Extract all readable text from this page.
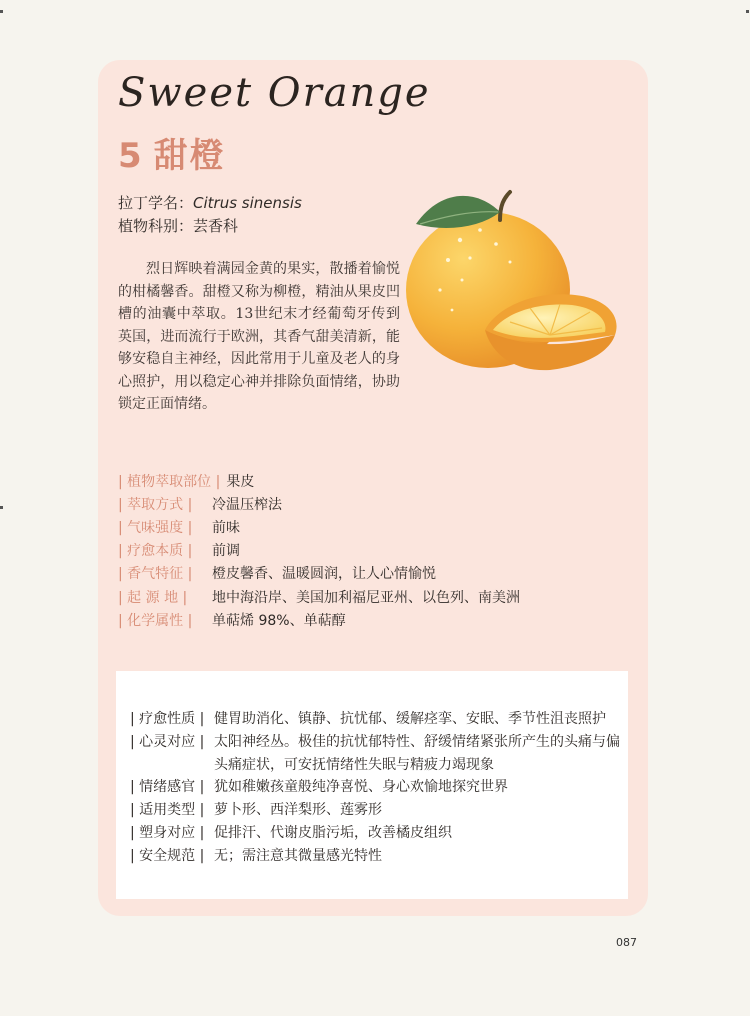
Sweet Orange
5 甜橙
拉丁学名：Citrus sinensis
植物科别：芸香科

烈日辉映着满园金黄的果实，散播着愉悦的柑橘馨香。甜橙又称为柳橙，精油从果皮凹槽的油囊中萃取。13世纪末才经葡萄牙传到英国，进而流行于欧洲，其香气甜美清新，能够安稳自主神经，因此常用于儿童及老人的身心照护，用以稳定心神并排除负面情绪，协助锁定正面情绪。

| 植物萃取部位 | 果皮
| 萃取方式 |	冷温压榨法
| 气味强度 |	前味
| 疗愈本质 |	前调
| 香气特征 |	橙皮馨香、温暖圆润，让人心情愉悦
| 起 源 地 |	地中海沿岸、美国加利福尼亚州、以色列、南美洲
| 化学属性 |	单萜烯 98%、单萜醇
| 疗愈性质 | 健胃助消化、镇静、抗忧郁、缓解痉挛、安眠、季节性沮丧照护
| 心灵对应 | 太阳神经丛。极佳的抗忧郁特性、舒缓情绪紧张所产生的头痛与偏头痛症状，可安抚情绪性失眠与精疲力竭现象
| 情绪感官 | 犹如稚嫩孩童般纯净喜悦、身心欢愉地探究世界
| 适用类型 | 萝卜形、西洋梨形、莲雾形
| 塑身对应 | 促排汗、代谢皮脂污垢，改善橘皮组织
| 安全规范 | 无；需注意其微量感光特性
087
